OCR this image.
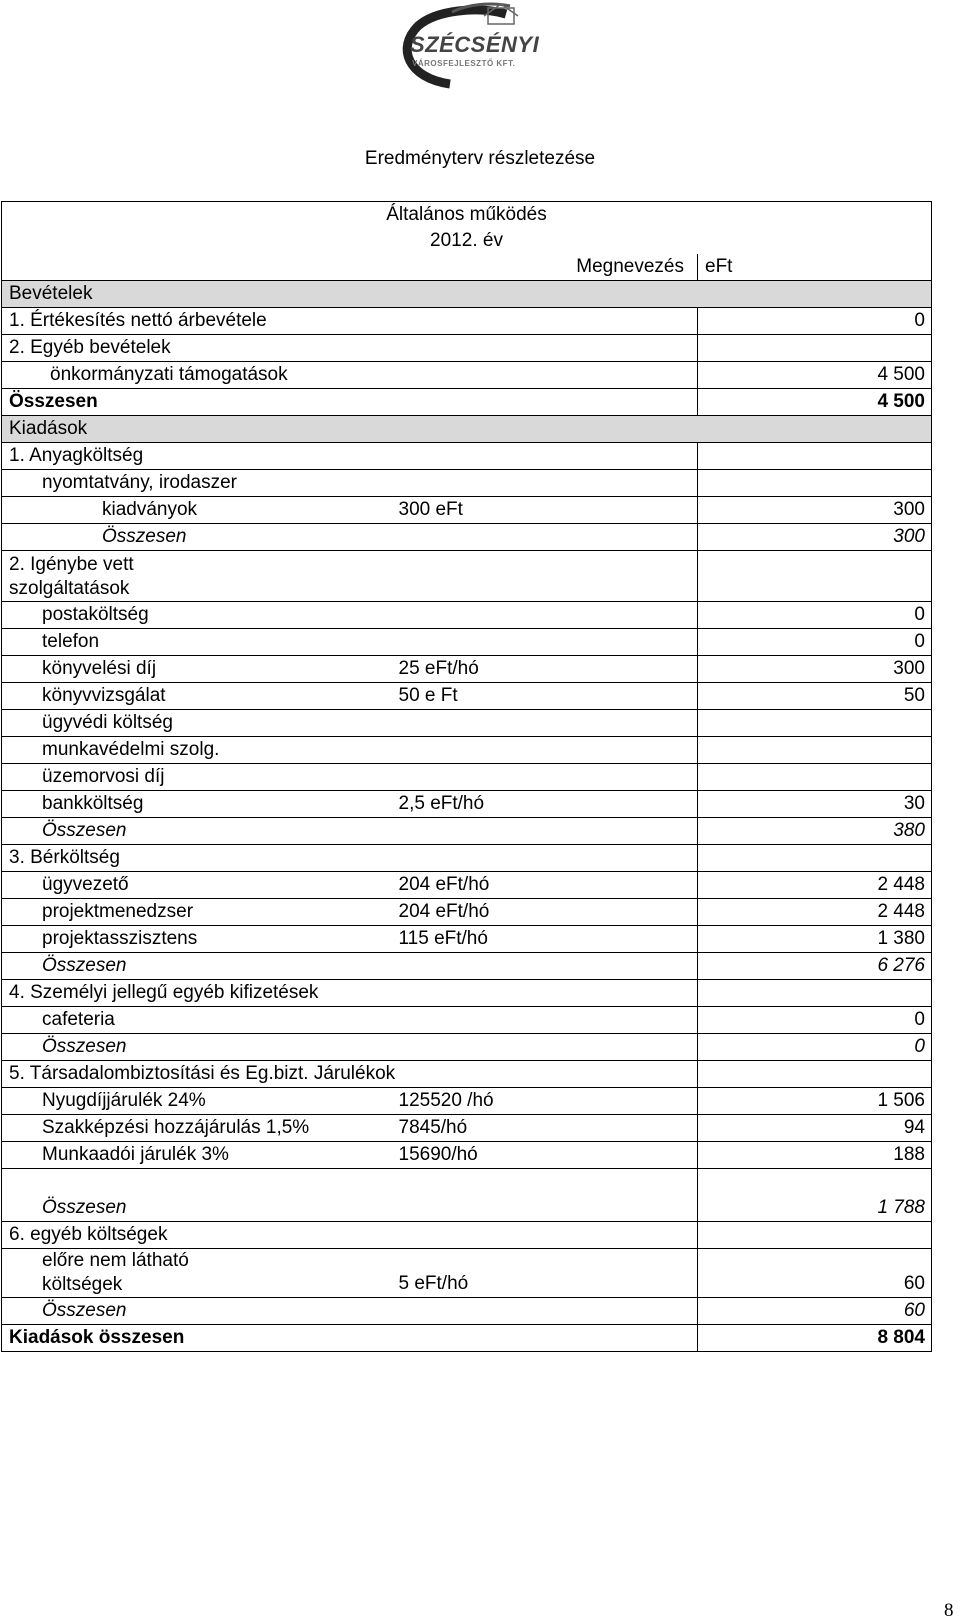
SZÉCSÉNYI
VÁROSFEJLESZTŐ KFT.
Eredményterv részletezése
Általános működés		
2012. év		
Megnevezés		eFt
Bevételek		
1. Értékesítés nettó árbevétele		0
2. Egyéb bevételek		
önkormányzati támogatások		4 500
Összesen		4 500
Kiadások		
1. Anyagköltség		
nyomtatvány, irodaszer		
kiadványok	300 eFt	300
Összesen		300
2. Igénybe vett
szolgáltatások		
postaköltség		0
telefon		0
könyvelési díj	25 eFt/hó	300
könyvvizsgálat	50 e Ft	50
ügyvédi költség		
munkavédelmi szolg.		
üzemorvosi díj		
bankköltség	2,5 eFt/hó	30
Összesen		380
3. Bérköltség		
ügyvezető	204 eFt/hó	2 448
projektmenedzser	204 eFt/hó	2 448
projektasszisztens	115 eFt/hó	1 380
Összesen		6 276
4. Személyi jellegű egyéb kifizetések		
cafeteria		0
Összesen		0
5. Társadalombiztosítási és Eg.bizt. Járulékok		
Nyugdíjjárulék 24%	125520 /hó	1 506
Szakképzési hozzájárulás 1,5%	7845/hó	94
Munkaadói járulék 3%	15690/hó	188
Összesen		1 788
6. egyéb költségek		
előre nem látható
költségek	5 eFt/hó	60
Összesen		60
Kiadások összesen		8 804
8
